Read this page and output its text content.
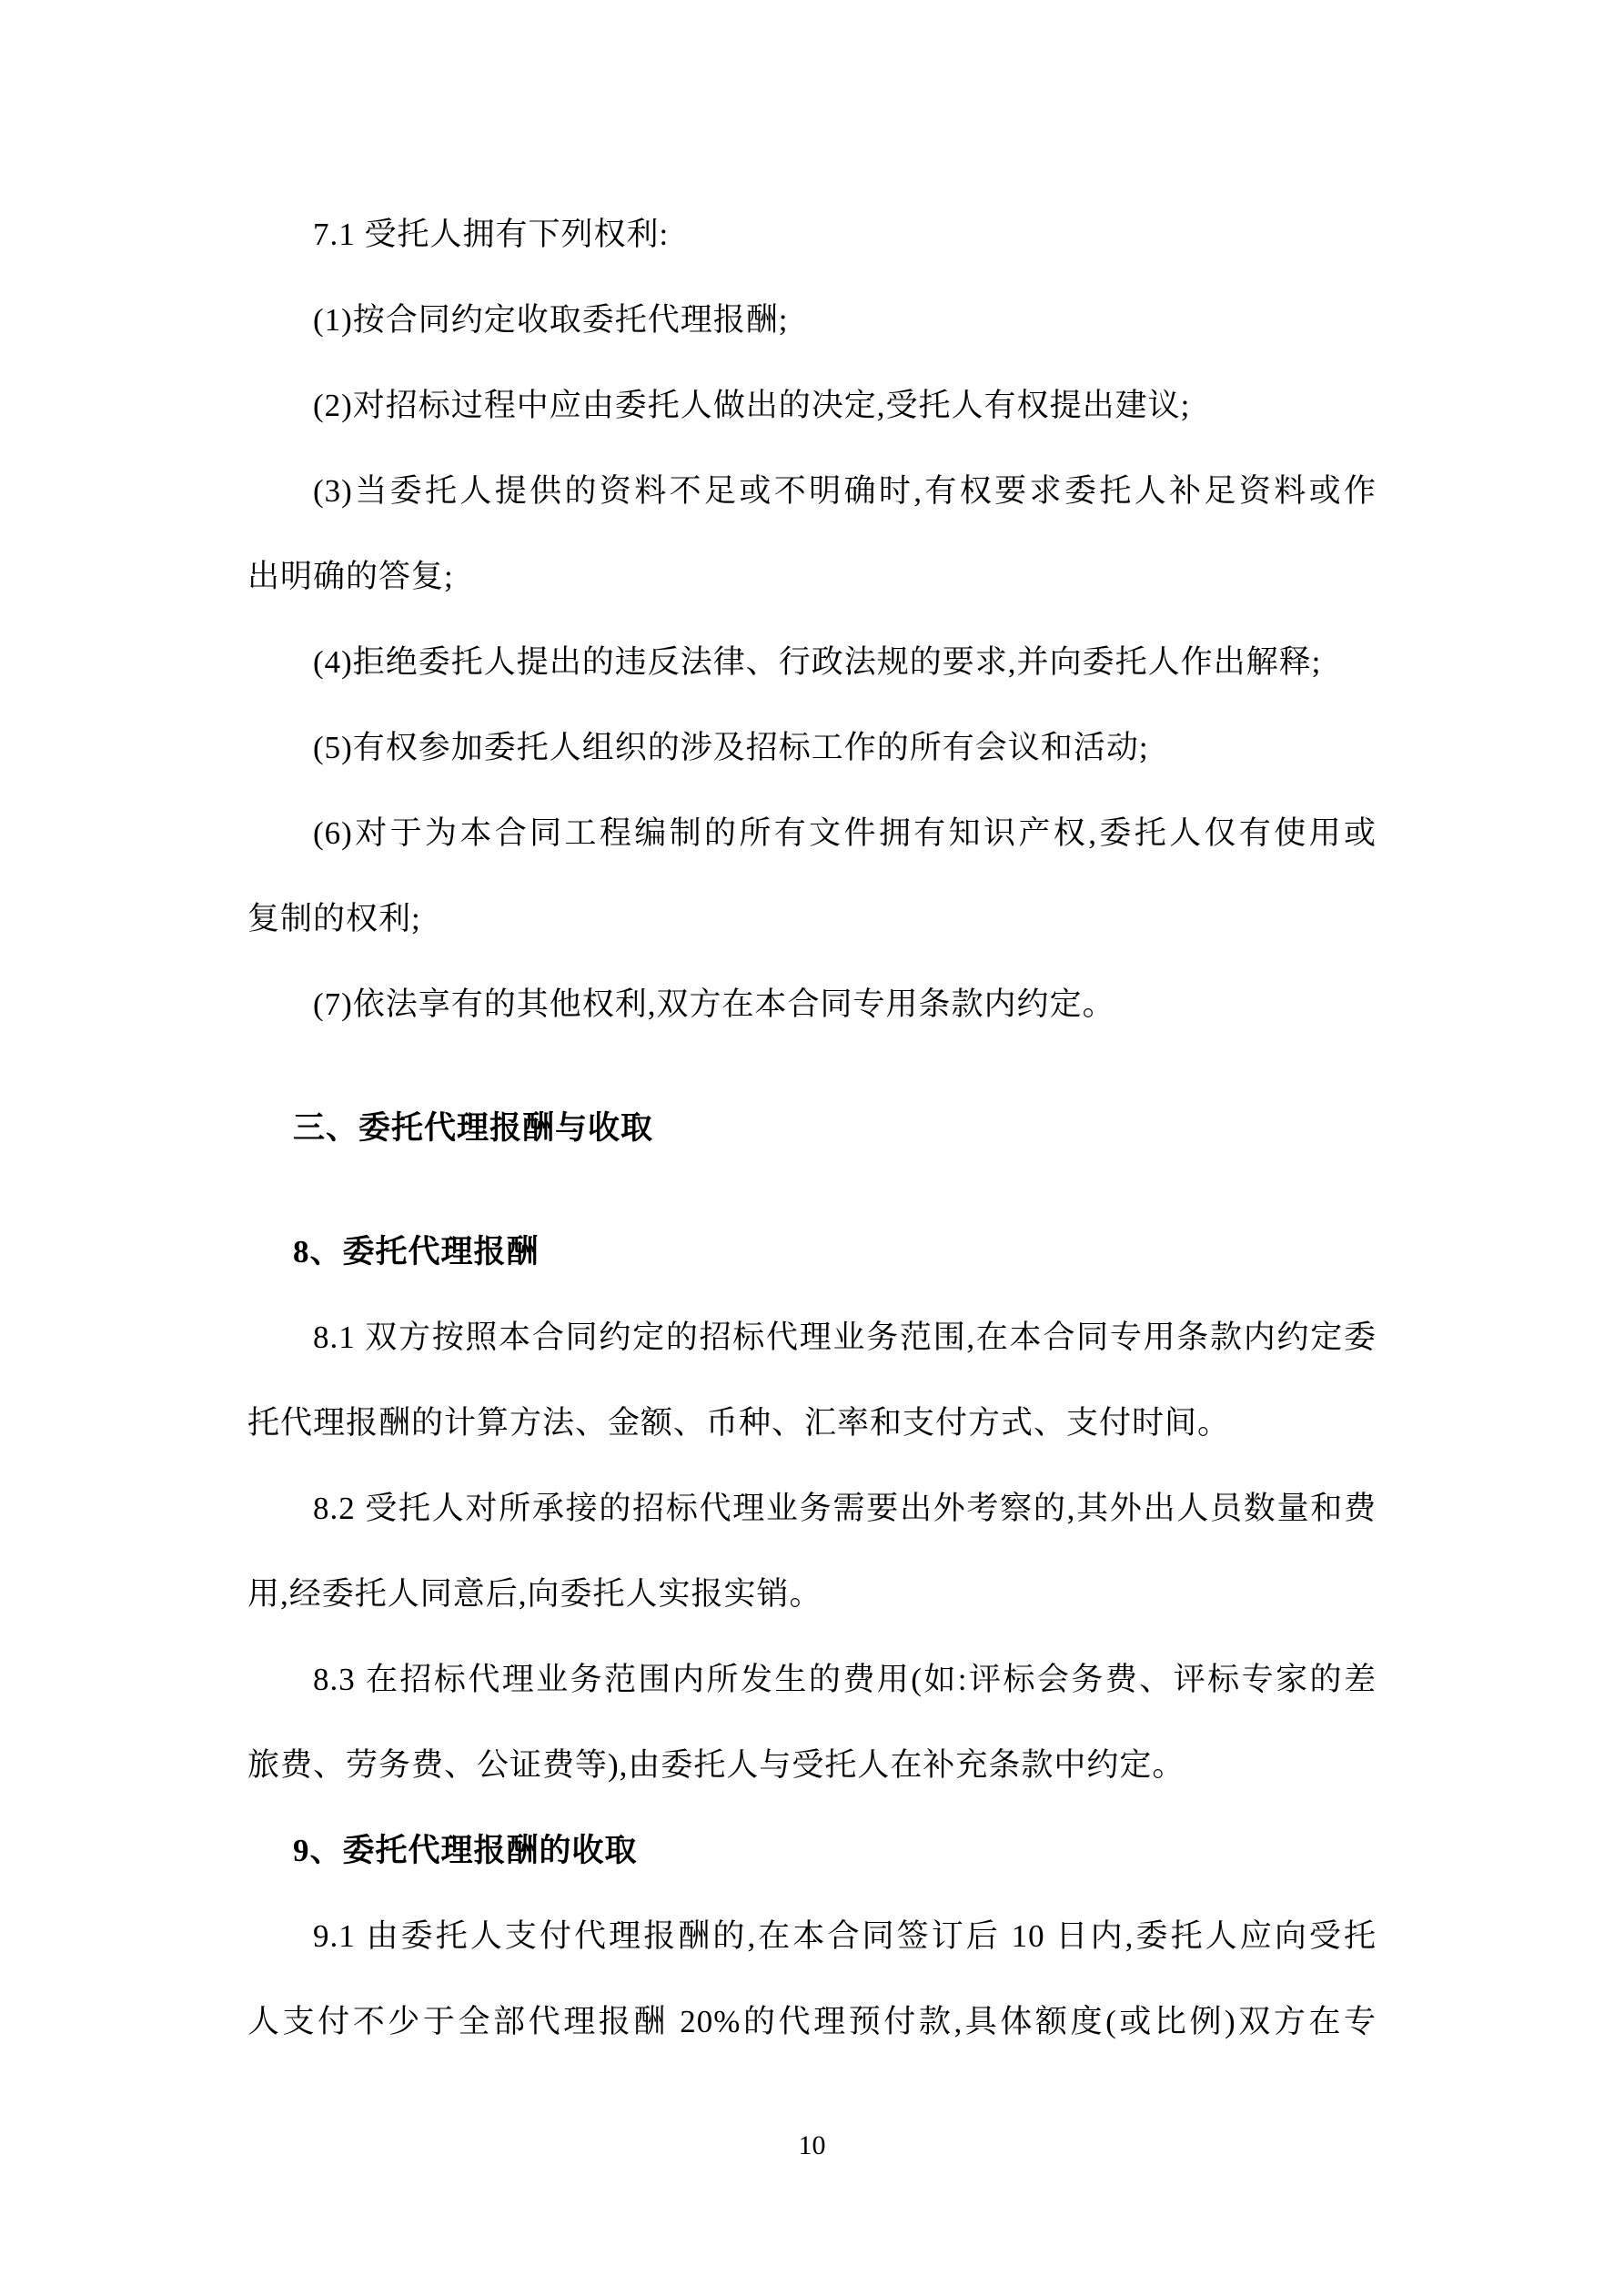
7.1 受托人拥有下列权利:
(1)按合同约定收取委托代理报酬;
(2)对招标过程中应由委托人做出的决定,受托人有权提出建议;
(3)当委托人提供的资料不足或不明确时,有权要求委托人补足资料或作
出明确的答复;
(4)拒绝委托人提出的违反法律、行政法规的要求,并向委托人作出解释;
(5)有权参加委托人组织的涉及招标工作的所有会议和活动;
(6)对于为本合同工程编制的所有文件拥有知识产权,委托人仅有使用或
复制的权利;
(7)依法享有的其他权利,双方在本合同专用条款内约定。
三、委托代理报酬与收取
8、委托代理报酬
8.1 双方按照本合同约定的招标代理业务范围,在本合同专用条款内约定委
托代理报酬的计算方法、金额、币种、汇率和支付方式、支付时间。
8.2 受托人对所承接的招标代理业务需要出外考察的,其外出人员数量和费
用,经委托人同意后,向委托人实报实销。
8.3 在招标代理业务范围内所发生的费用(如:评标会务费、评标专家的差
旅费、劳务费、公证费等),由委托人与受托人在补充条款中约定。
9、委托代理报酬的收取
9.1 由委托人支付代理报酬的,在本合同签订后 10 日内,委托人应向受托
人支付不少于全部代理报酬 20%的代理预付款,具体额度(或比例)双方在专
10
